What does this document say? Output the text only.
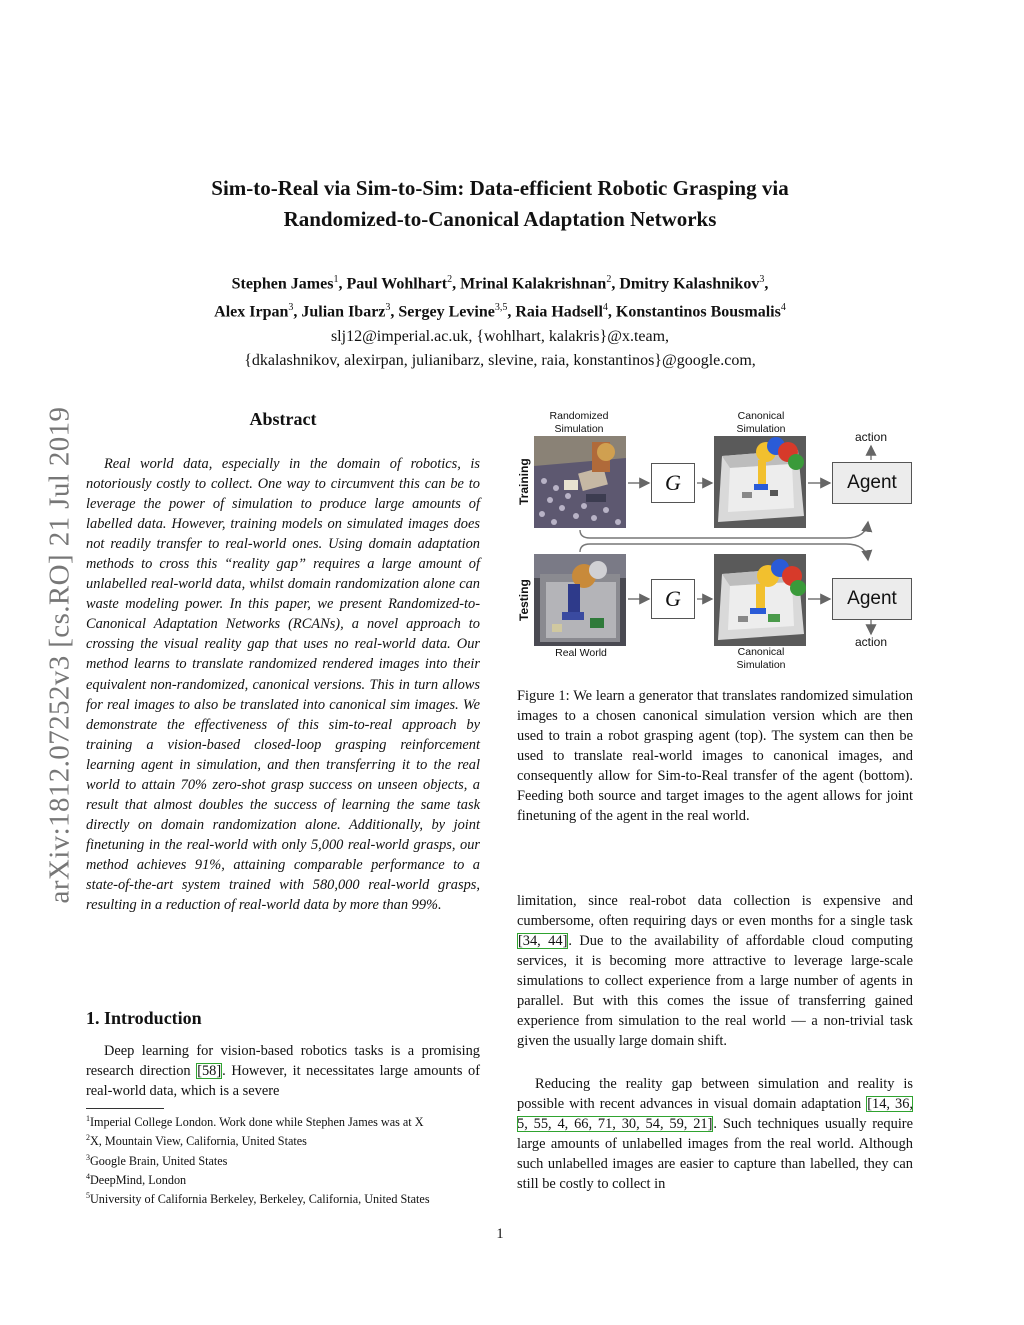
arXiv:1812.07252v3 [cs.RO] 21 Jul 2019
Sim-to-Real via Sim-to-Sim: Data-efficient Robotic Grasping via
Randomized-to-Canonical Adaptation Networks
Stephen James$^1$, Paul Wohlhart$^2$, Mrinal Kalakrishnan$^2$, Dmitry Kalashnikov$^3$,
Alex Irpan$^3$, Julian Ibarz$^3$, Sergey Levine$^{3,5}$, Raia Hadsell$^4$, Konstantinos Bousmalis$^4$
slj12@imperial.ac.uk, {wohlhart, kalakris}@x.team,
{dkalashnikov, alexirpan, julianibarz, slevine, raia, konstantinos}@google.com,
Abstract

Real world data, especially in the domain of robotics, is notoriously costly to collect. One way to circumvent this can be to leverage the power of simulation to produce large amounts of labelled data. However, training models on simulated images does not readily transfer to real-world ones. Using domain adaptation methods to cross this “reality gap” requires a large amount of unlabelled real-world data, whilst domain randomization alone can waste modeling power. In this paper, we present Randomized-to-Canonical Adaptation Networks (RCANs), a novel approach to crossing the visual reality gap that uses no real-world data. Our method learns to translate randomized rendered images into their equivalent non-randomized, canonical versions. This in turn allows for real images to also be translated into canonical sim images. We demonstrate the effectiveness of this sim-to-real approach by training a vision-based closed-loop grasping reinforcement learning agent in simulation, and then transferring it to the real world to attain 70% zero-shot grasp success on unseen objects, a result that almost doubles the success of learning the same task directly on domain randomization alone. Additionally, by joint finetuning in the real-world with only 5,000 real-world grasps, our method achieves 91%, attaining comparable performance to a state-of-the-art system trained with 580,000 real-world grasps, resulting in a reduction of real-world data by more than 99%.

1. Introduction

Deep learning for vision-based robotics tasks is a promising research direction [58]. However, it necessitates large amounts of real-world data, which is a severe

$^1$Imperial College London. Work done while Stephen James was at X
$^2$X, Mountain View, California, United States
$^3$Google Brain, United States
$^4$DeepMind, London
$^5$University of California Berkeley, Berkeley, California, United States
Randomized Simulation
Canonical Simulation
action
Training
Testing
G
G
Agent
Agent
Real World	Canonical Simulation
action

Figure 1: We learn a generator that translates randomized simulation images to a chosen canonical simulation version which are then used to train a robot grasping agent (top). The system can then be used to translate real-world images to canonical images, and consequently allow for Sim-to-Real transfer of the agent (bottom). Feeding both source and target images to the agent allows for joint finetuning of the agent in the real world.

limitation, since real-robot data collection is expensive and cumbersome, often requiring days or even months for a single task [34, 44]. Due to the availability of affordable cloud computing services, it is becoming more attractive to leverage large-scale simulations to collect experience from a large number of agents in parallel. But with this comes the issue of transferring gained experience from simulation to the real world — a non-trivial task given the usually large domain shift.

Reducing the reality gap between simulation and reality is possible with recent advances in visual domain adaptation [14, 36, 5, 55, 4, 66, 71, 30, 54, 59, 21]. Such techniques usually require large amounts of unlabelled images from the real world. Although such unlabelled images are easier to capture than labelled, they can still be costly to collect in

1
